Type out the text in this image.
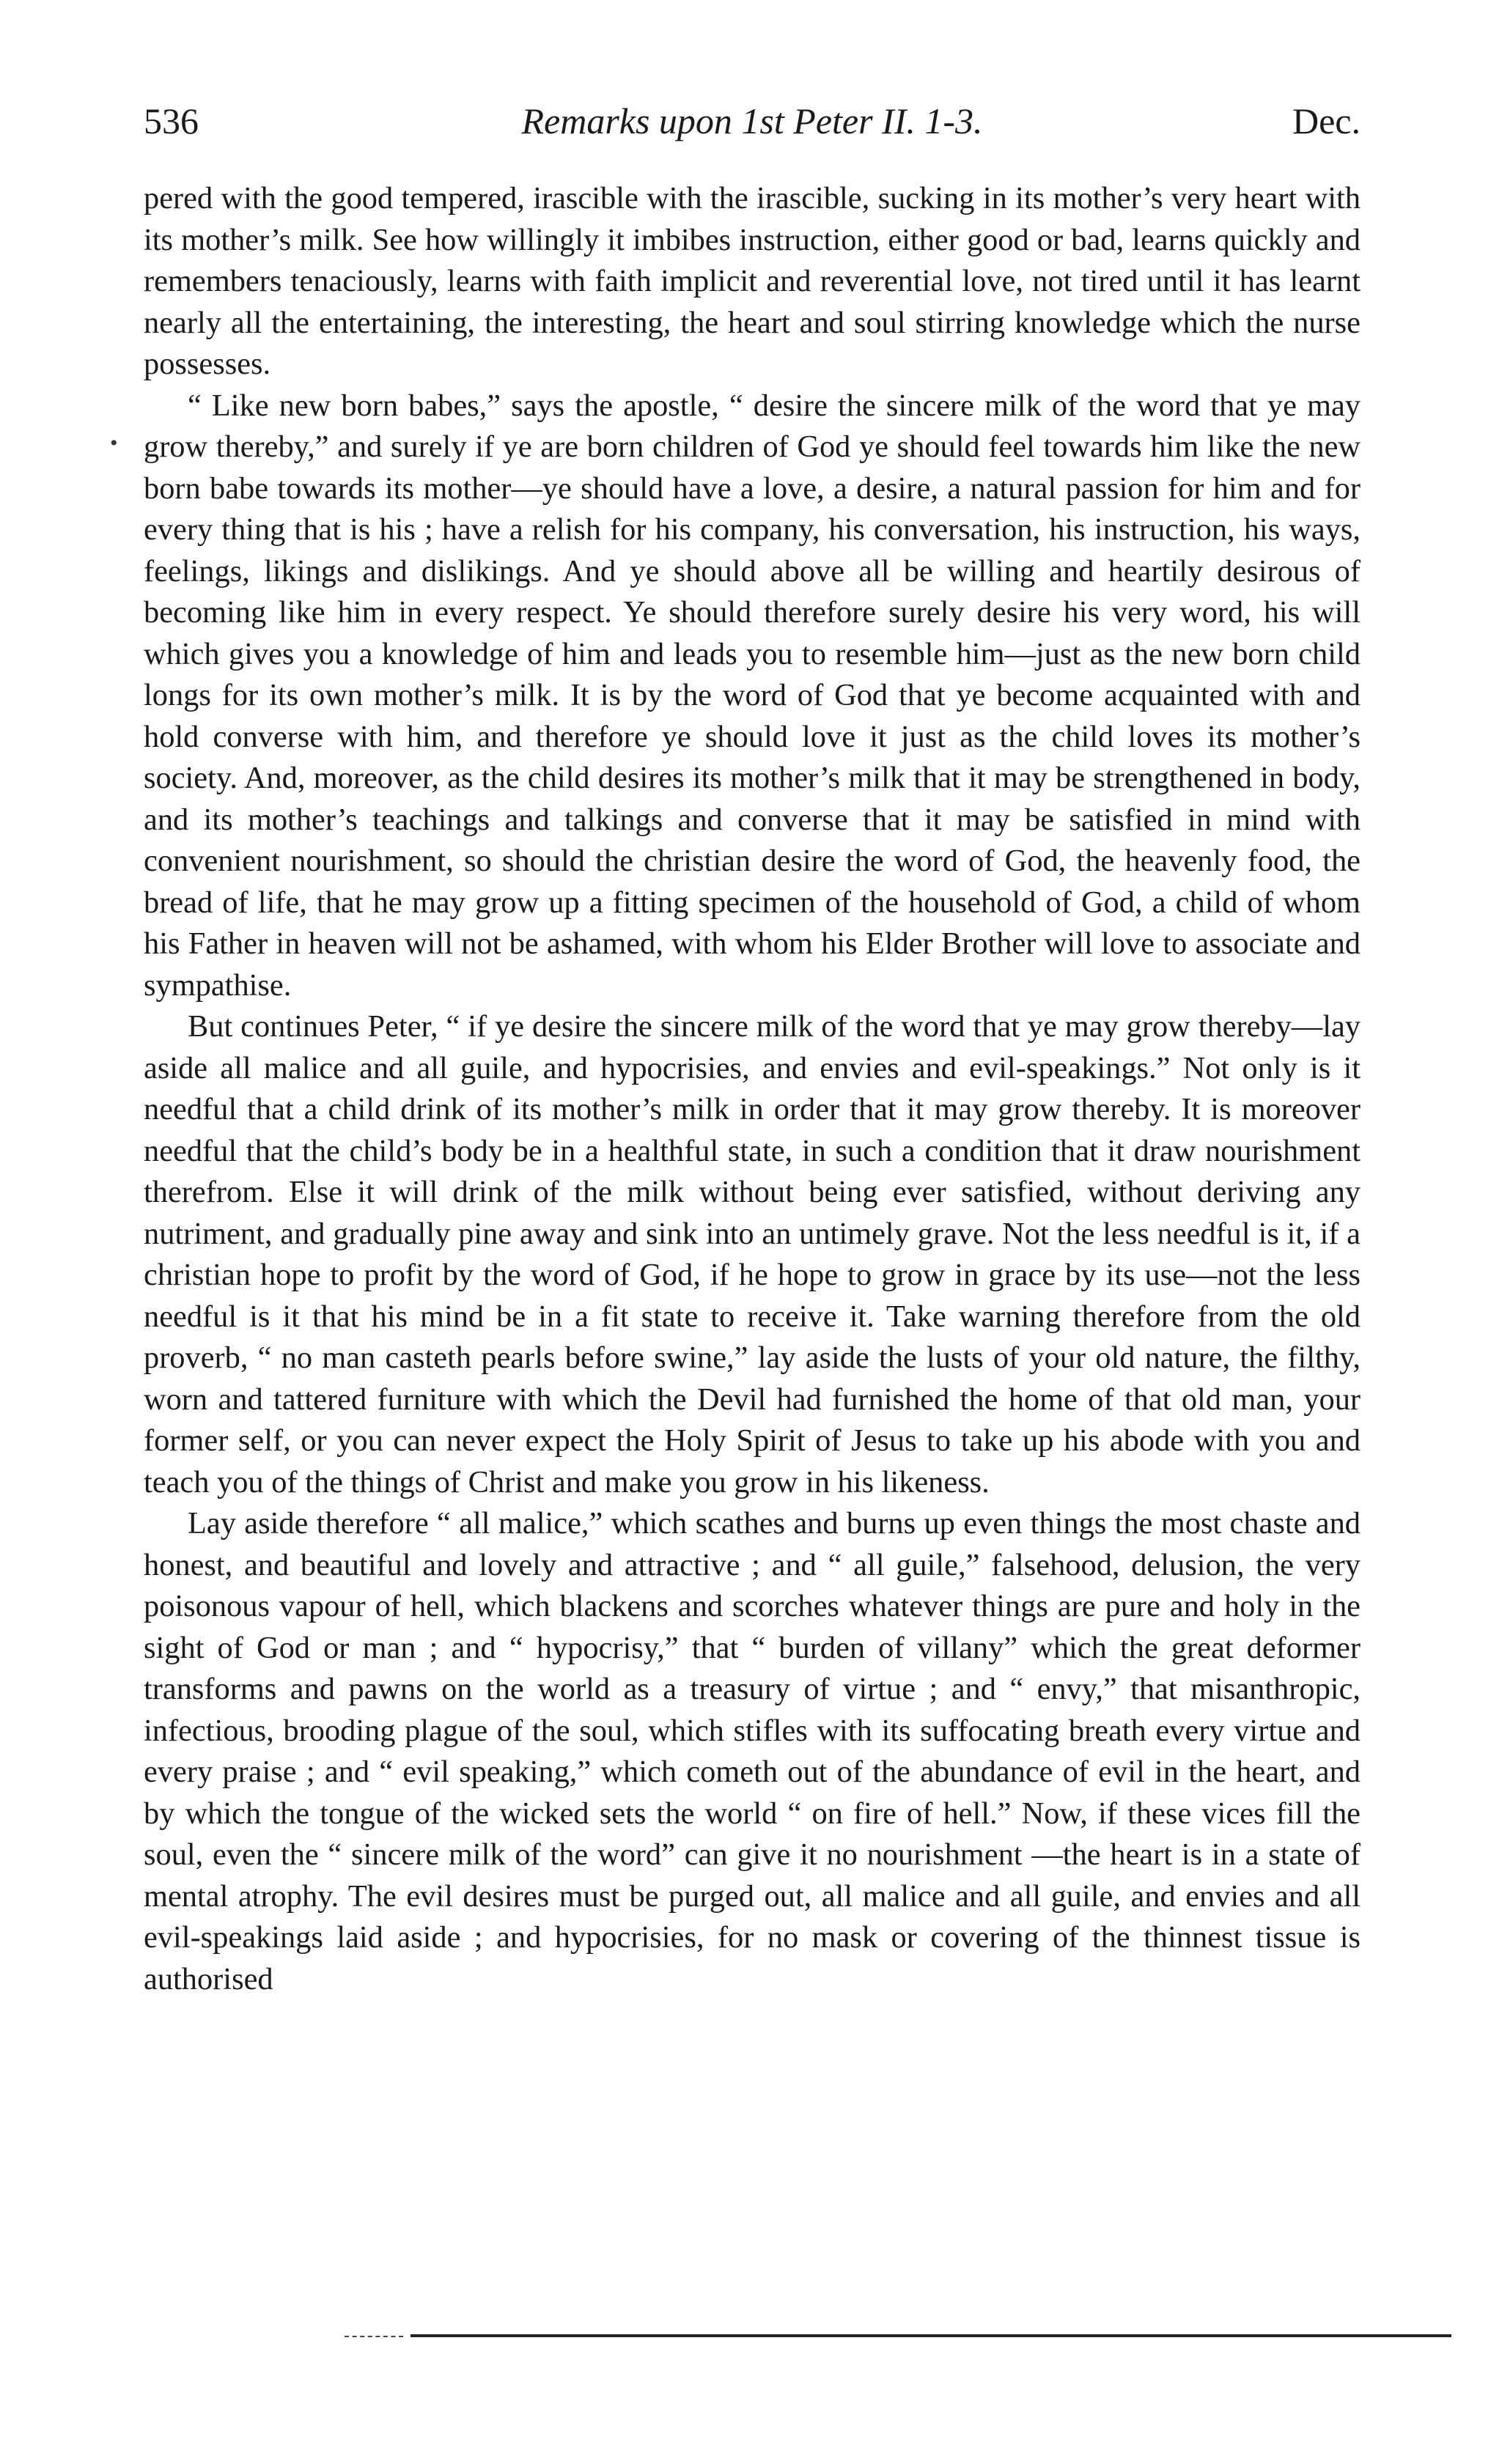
•
536	Remarks upon 1st Peter II. 1-3.	Dec.

pered with the good tempered, irascible with the irascible, sucking in its mother’s very heart with its mother’s milk. See how willingly it imbibes instruction, either good or bad, learns quickly and remembers tenaciously, learns with faith implicit and reverential love, not tired until it has learnt nearly all the entertaining, the interesting, the heart and soul stirring knowledge which the nurse possesses.

“ Like new born babes,” says the apostle, “ desire the sincere milk of the word that ye may grow thereby,” and surely if ye are born children of God ye should feel towards him like the new born babe towards its mother—ye should have a love, a desire, a natural passion for him and for every thing that is his ; have a relish for his company, his conversation, his instruction, his ways, feelings, likings and dislikings. And ye should above all be willing and heartily desirous of becoming like him in every respect. Ye should therefore surely desire his very word, his will which gives you a knowledge of him and leads you to resemble him—just as the new born child longs for its own mother’s milk. It is by the word of God that ye become acquainted with and hold converse with him, and therefore ye should love it just as the child loves its mother’s society. And, moreover, as the child desires its mother’s milk that it may be strengthened in body, and its mother’s teachings and talkings and converse that it may be satisfied in mind with convenient nourishment, so should the christian desire the word of God, the heavenly food, the bread of life, that he may grow up a fitting specimen of the household of God, a child of whom his Father in heaven will not be ashamed, with whom his Elder Brother will love to associate and sympathise.

But continues Peter, “ if ye desire the sincere milk of the word that ye may grow thereby—lay aside all malice and all guile, and hypocrisies, and envies and evil-speakings.” Not only is it needful that a child drink of its mother’s milk in order that it may grow thereby. It is moreover needful that the child’s body be in a healthful state, in such a condition that it draw nourishment therefrom. Else it will drink of the milk without being ever satisfied, without deriving any nutriment, and gradually pine away and sink into an untimely grave. Not the less needful is it, if a christian hope to profit by the word of God, if he hope to grow in grace by its use—not the less needful is it that his mind be in a fit state to receive it. Take warning therefore from the old proverb, “ no man casteth pearls before swine,” lay aside the lusts of your old nature, the filthy, worn and tattered furniture with which the Devil had furnished the home of that old man, your former self, or you can never expect the Holy Spirit of Jesus to take up his abode with you and teach you of the things of Christ and make you grow in his likeness.

Lay aside therefore “ all malice,” which scathes and burns up even things the most chaste and honest, and beautiful and lovely and attractive ; and “ all guile,” falsehood, delusion, the very poisonous vapour of hell, which blackens and scorches whatever things are pure and holy in the sight of God or man ; and “ hypocrisy,” that “ burden of villany” which the great deformer transforms and pawns on the world as a treasury of virtue ; and “ envy,” that misanthropic, infectious, brooding plague of the soul, which stifles with its suffocating breath every virtue and every praise ; and “ evil speaking,” which cometh out of the abundance of evil in the heart, and by which the tongue of the wicked sets the world “ on fire of hell.” Now, if these vices fill the soul, even the “ sincere milk of the word” can give it no nourishment —the heart is in a state of mental atrophy. The evil desires must be purged out, all malice and all guile, and envies and all evil-speakings laid aside ; and hypocrisies, for no mask or covering of the thinnest tissue is authorised
